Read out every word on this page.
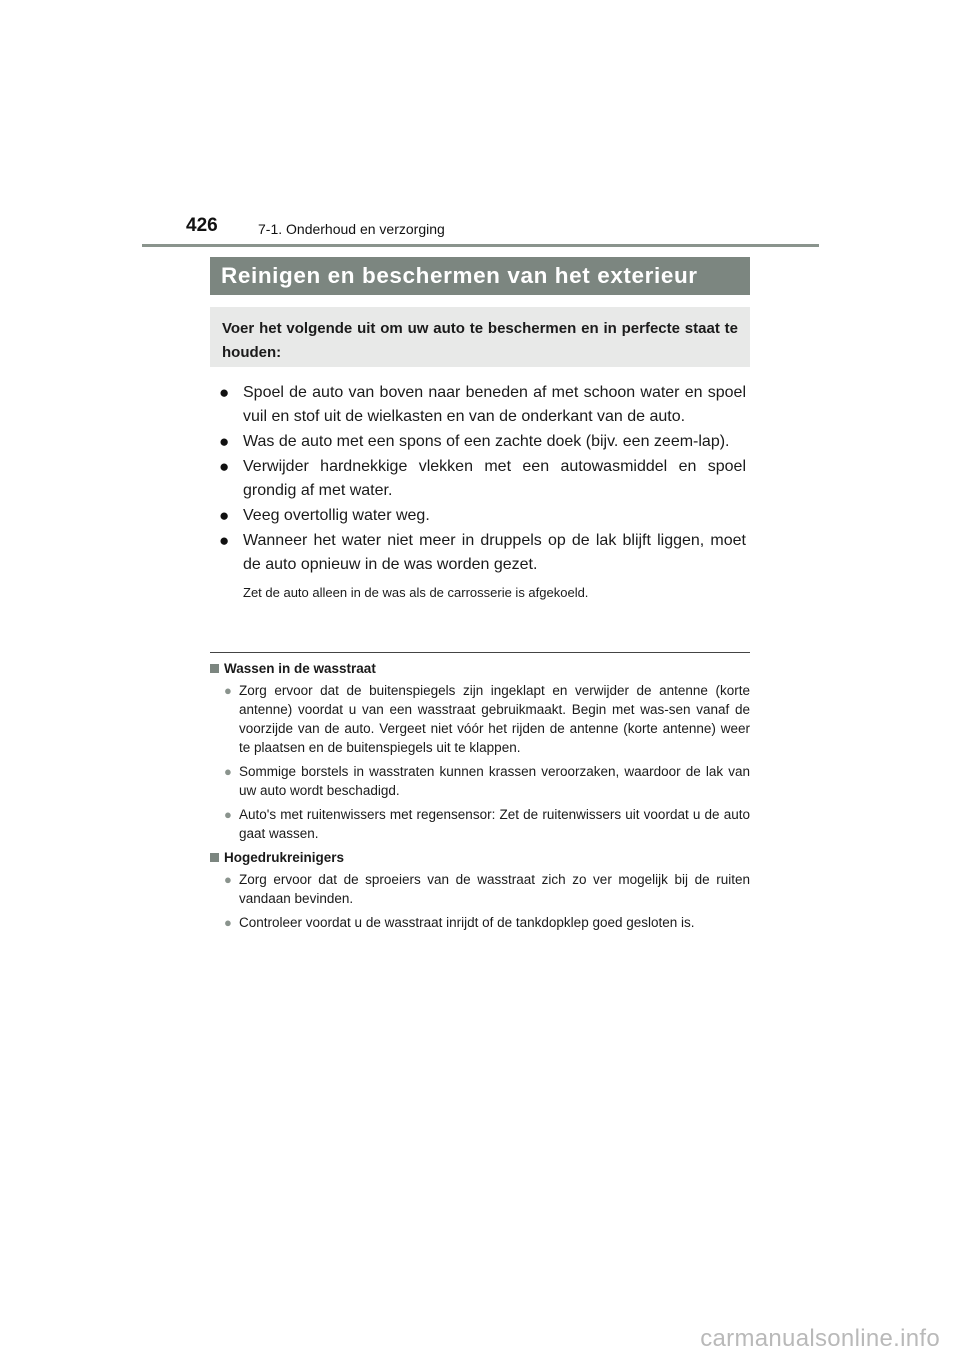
426	7-1. Onderhoud en verzorging
Reinigen en beschermen van het exterieur
Voer het volgende uit om uw auto te beschermen en in perfecte staat te houden:
● Spoel de auto van boven naar beneden af met schoon water en spoel vuil en stof uit de wielkasten en van de onderkant van de auto.
● Was de auto met een spons of een zachte doek (bijv. een zeem-lap).
● Verwijder hardnekkige vlekken met een autowasmiddel en spoel grondig af met water.
● Veeg overtollig water weg.
● Wanneer het water niet meer in druppels op de lak blijft liggen, moet de auto opnieuw in de was worden gezet.
Zet de auto alleen in de was als de carrosserie is afgekoeld.
Wassen in de wasstraat
● Zorg ervoor dat de buitenspiegels zijn ingeklapt en verwijder de antenne (korte antenne) voordat u van een wasstraat gebruikmaakt. Begin met was-sen vanaf de voorzijde van de auto. Vergeet niet vóór het rijden de antenne (korte antenne) weer te plaatsen en de buitenspiegels uit te klappen.
● Sommige borstels in wasstraten kunnen krassen veroorzaken, waardoor de lak van uw auto wordt beschadigd.
● Auto's met ruitenwissers met regensensor: Zet de ruitenwissers uit voordat u de auto gaat wassen.
Hogedrukreinigers
● Zorg ervoor dat de sproeiers van de wasstraat zich zo ver mogelijk bij de ruiten vandaan bevinden.
● Controleer voordat u de wasstraat inrijdt of de tankdopklep goed gesloten is.
carmanualsonline.info
